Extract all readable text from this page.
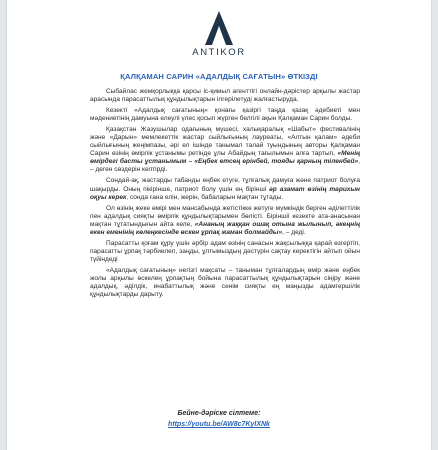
ANTIKOR
ҚАЛҚАМАН САРИН «АДАЛДЫҚ САҒАТЫН» ӨТКІЗДІ

Сыбайлас жемқорлыққа қарсы іс-қимыл агенттігі онлайн-дәрістер арқылы жастар арасында парасаттылық құндылықтарын ілгерілетуді жалғастыруда.

Кезекті «Адалдық сағатының» қонағы қазіргі таңда қазақ әдебиеті мен мәдениетінің дамуына елеулі үлес қосып жүрген белгілі ақын Қалқаман Сарин болды.

Қазақстан Жазушылар одағының мүшесі, халықаралық «Шабыт» фестивалінің және «Дарын» мемлекеттік жастар сыйлығының лауреаты, «Алтын қалам» әдеби сыйлығының жеңімпазы, әрі ел ішінде танымал талай туындының авторы Қалқаман Сарин өзінің өмірлік ұстанымы ретінде ұлы Абайдың тағылымын алға тартып, «Менің өмірдегі басты ұстанымым – «Еңбек етсең ерінбей, тояды қарның тіленбей», – деген сөздерін келтірді.

Сондай-ақ, жастарды табанды еңбек етуге, тұлғалық дамуға және патриот болуға шақырды. Оның пікірінше, патриот болу үшін ең бірінші әр азамат өзінің тарихын оқуы керек, сонда ғана елін, жерін, бабаларын мақтан тұтады.

Ол өзінің жеке өмірі мен мансабында жетістікке жетуге мүмкіндік берген әділеттілік пен адалдық сияқты өмірлік құндылықтарымен бөлісті. Біріншіі кезекте ата-анасынан мақтан тұтатындығын айта келе, «Ананың жаққан ошақ отына жылынып, әкеңнің екен еменінің көлеңкесінде өскен ұрпақ жаман болмайды», – деді.

Парасатты қоғам құру үшін әрбір адам өзінің санасын жақсылыққа қарай өзгертіп, парасатты ұрпақ тәрбиелеп, заңды, ұлтымыздың дәстүрін сақтау керектігін айтып ойын түйіндеді

«Адалдық сағатының» негізгі мақсаты – таныман тұлғалардың өмір және еңбек жолы арқылы өскелең ұрпақтың бойына парасаттылық құндылықтарын сіңіру және адалдық, әділдік, инабаттылық және сенім сияқты ең маңызды адамгершілік құндылықтарды дарыту.

Бейне-дәріске сілтеме:
https://youtu.be/AW8c7KylXNk
